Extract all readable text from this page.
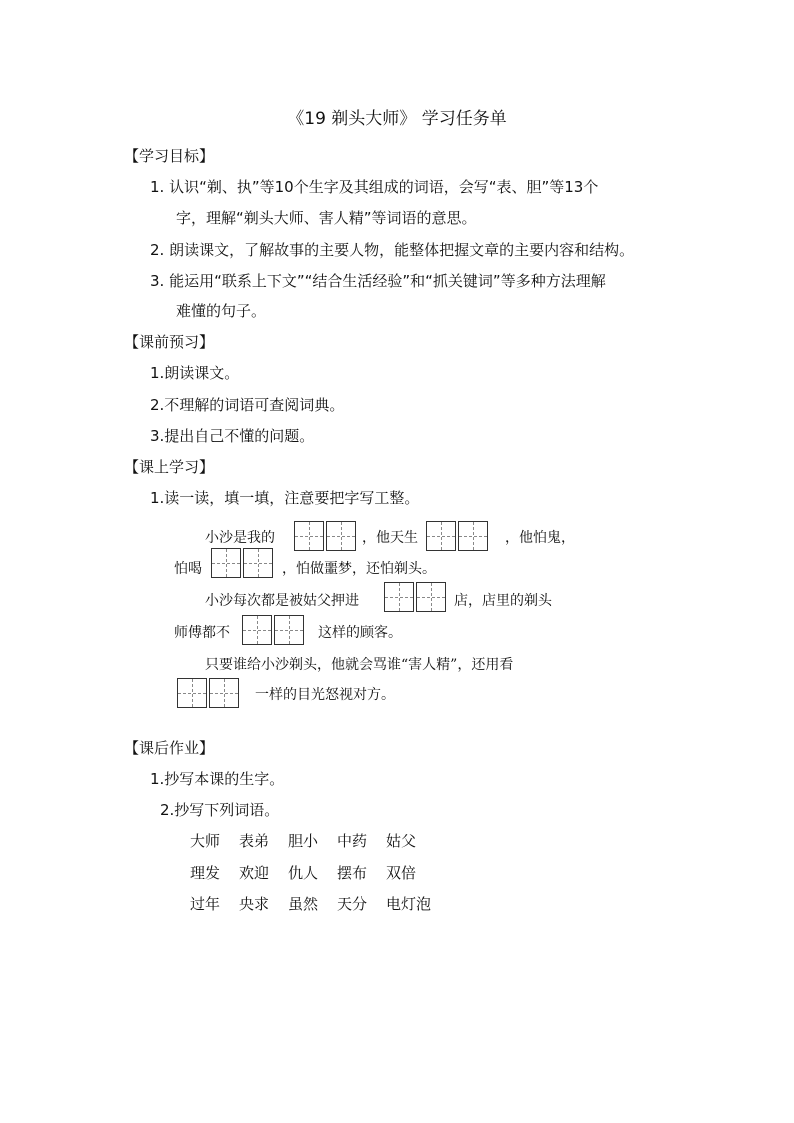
《19 剃头大师》 学习任务单
【学习目标】
1. 认识“剃、执”等10个生字及其组成的词语，会写“表、胆”等13个
字，理解“剃头大师、害人精”等词语的意思。
2. 朗读课文，了解故事的主要人物，能整体把握文章的主要内容和结构。
3. 能运用“联系上下文”“结合生活经验”和“抓关键词”等多种方法理解
难懂的句子。
【课前预习】
1.朗读课文。
2.不理解的词语可查阅词典。
3.提出自己不懂的问题。
【课上学习】
1.读一读，填一填，注意要把字写工整。
小沙是我的	，他天生	，他怕鬼，
怕喝	，怕做噩梦，还怕剃头。
小沙每次都是被姑父押进	店，店里的剃头
师傅都不	这样的顾客。
只要谁给小沙剃头，他就会骂谁“害人精”，还用看
一样的目光怒视对方。
【课后作业】
1.抄写本课的生字。
2.抄写下列词语。
大师	表弟	胆小	中药	姑父
理发	欢迎	仇人	摆布	双倍
过年	央求	虽然	天分	电灯泡
